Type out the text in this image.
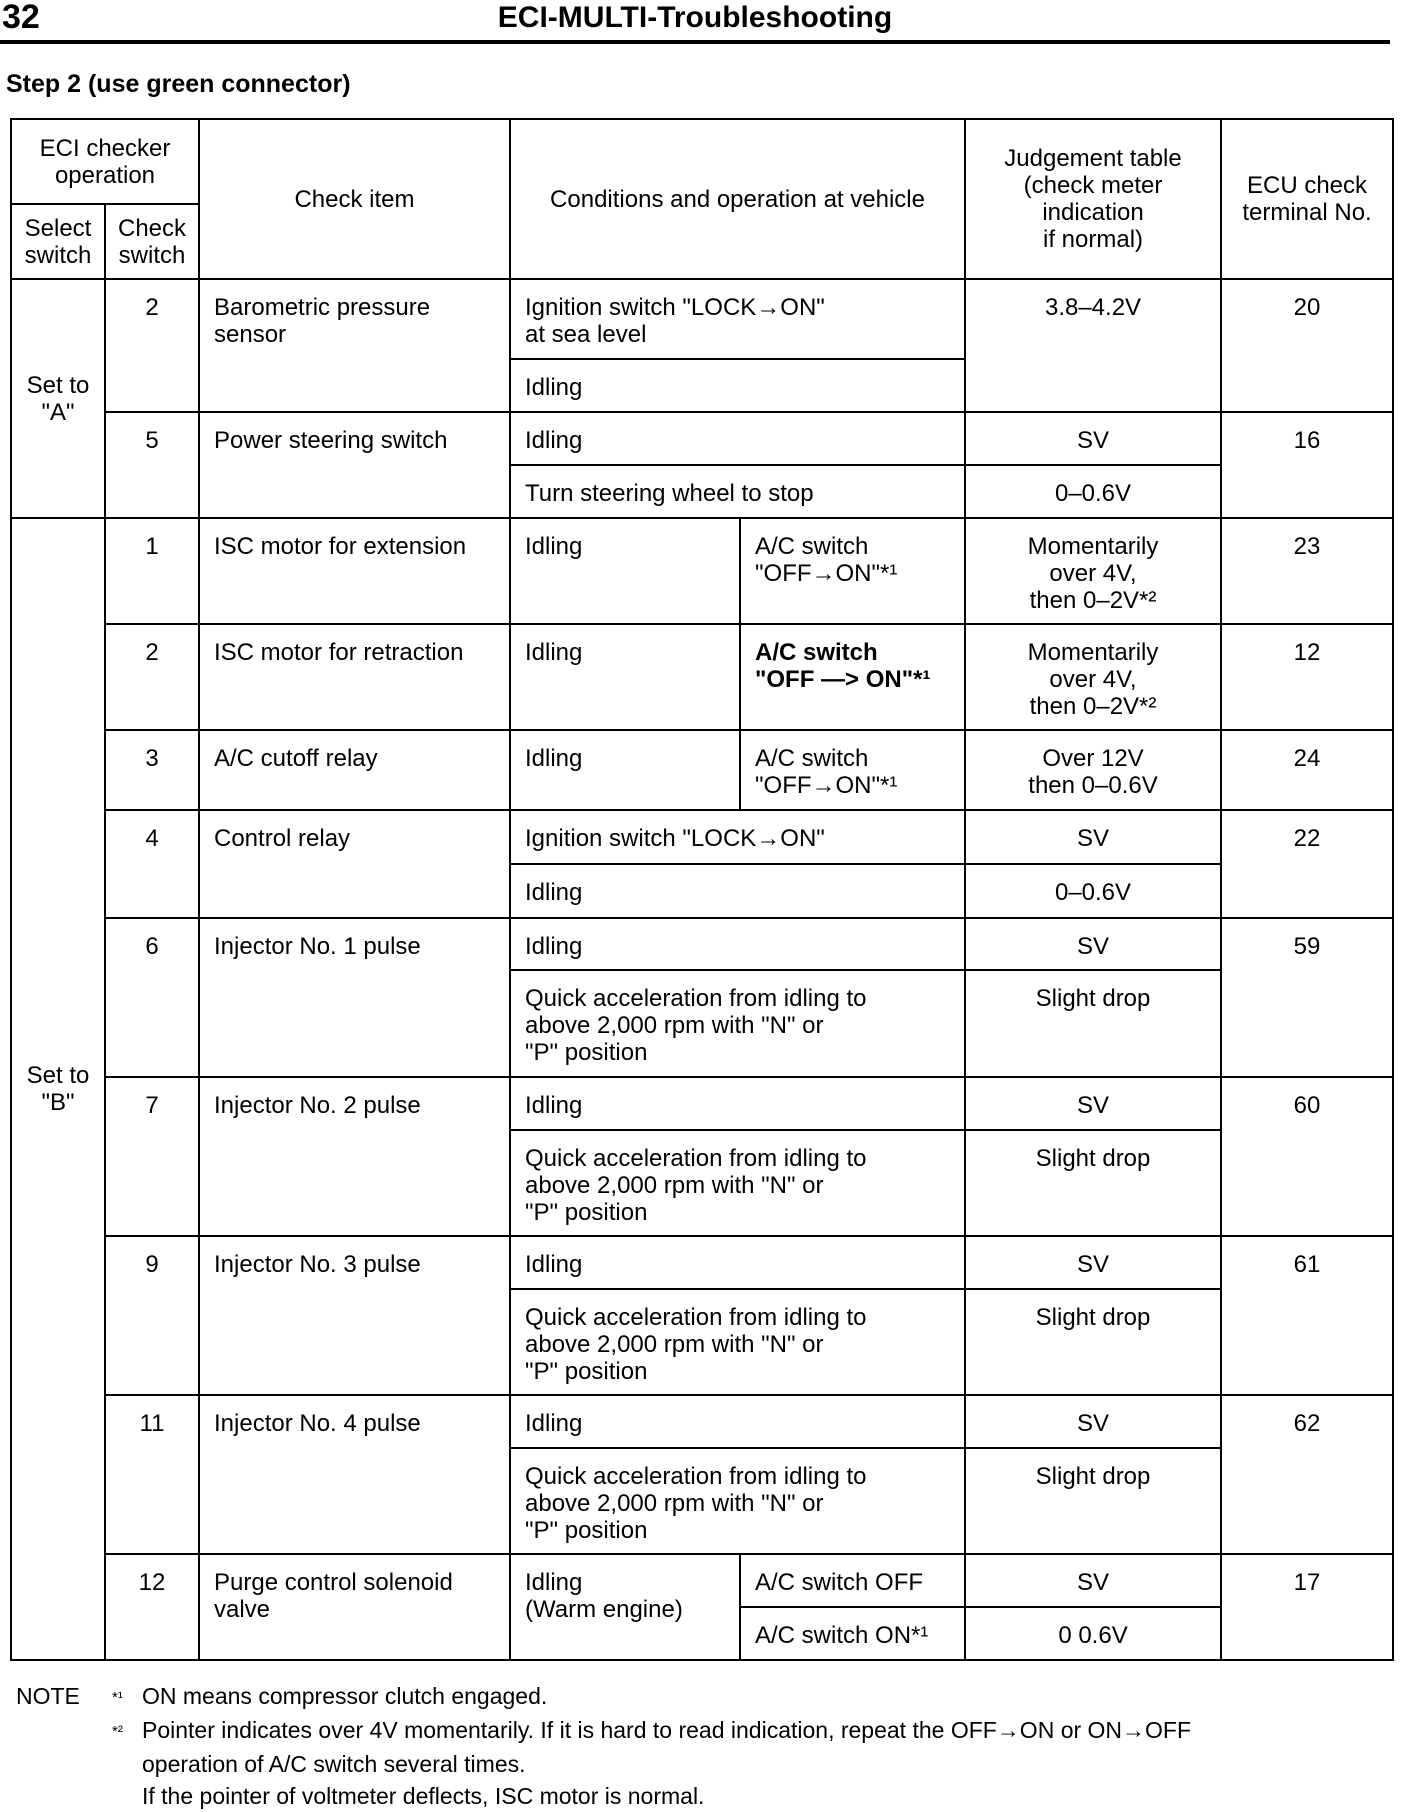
32	ECI-MULTI-Troubleshooting
Step 2 (use green connector)
ECI checker
operation		Check item	Conditions and operation at vehicle		Judgement table
(check meter
indication
if normal)	ECU check
terminal No.
Select
switch	Check
switch					
Set to
"A"	2	Barometric pressure
sensor	Ignition switch "LOCK→ON"
at sea level		3.8–4.2V	20
			Idling			
	5	Power steering switch	Idling		SV	16
			Turn steering wheel to stop		0–0.6V	
Set to
"B"	1	ISC motor for extension	Idling	A/C switch
"OFF→ON"*¹	Momentarily
over 4V,
then 0–2V*²	23
	2	ISC motor for retraction	Idling	A/C switch
"OFF —> ON"*¹	Momentarily
over 4V,
then 0–2V*²	12
	3	A/C cutoff relay	Idling	A/C switch
"OFF→ON"*¹	Over 12V
then 0–0.6V	24
	4	Control relay	Ignition switch "LOCK→ON"		SV	22
			Idling		0–0.6V	
	6	Injector No. 1 pulse	Idling		SV	59
			Quick acceleration from idling to
above 2,000 rpm with "N" or
"P" position		Slight drop	
	7	Injector No. 2 pulse	Idling		SV	60
			Quick acceleration from idling to
above 2,000 rpm with "N" or
"P" position		Slight drop	
	9	Injector No. 3 pulse	Idling		SV	61
			Quick acceleration from idling to
above 2,000 rpm with "N" or
"P" position		Slight drop	
	11	Injector No. 4 pulse	Idling		SV	62
			Quick acceleration from idling to
above 2,000 rpm with "N" or
"P" position		Slight drop	
	12	Purge control solenoid
valve	Idling
(Warm engine)	A/C switch OFF	SV	17
				A/C switch ON*¹	0 0.6V	
NOTE	*¹ ON means compressor clutch engaged.
*² Pointer indicates over 4V momentarily. If it is hard to read indication, repeat the OFF→ON or ON→OFF
operation of A/C switch several times.
If the pointer of voltmeter deflects, ISC motor is normal.
